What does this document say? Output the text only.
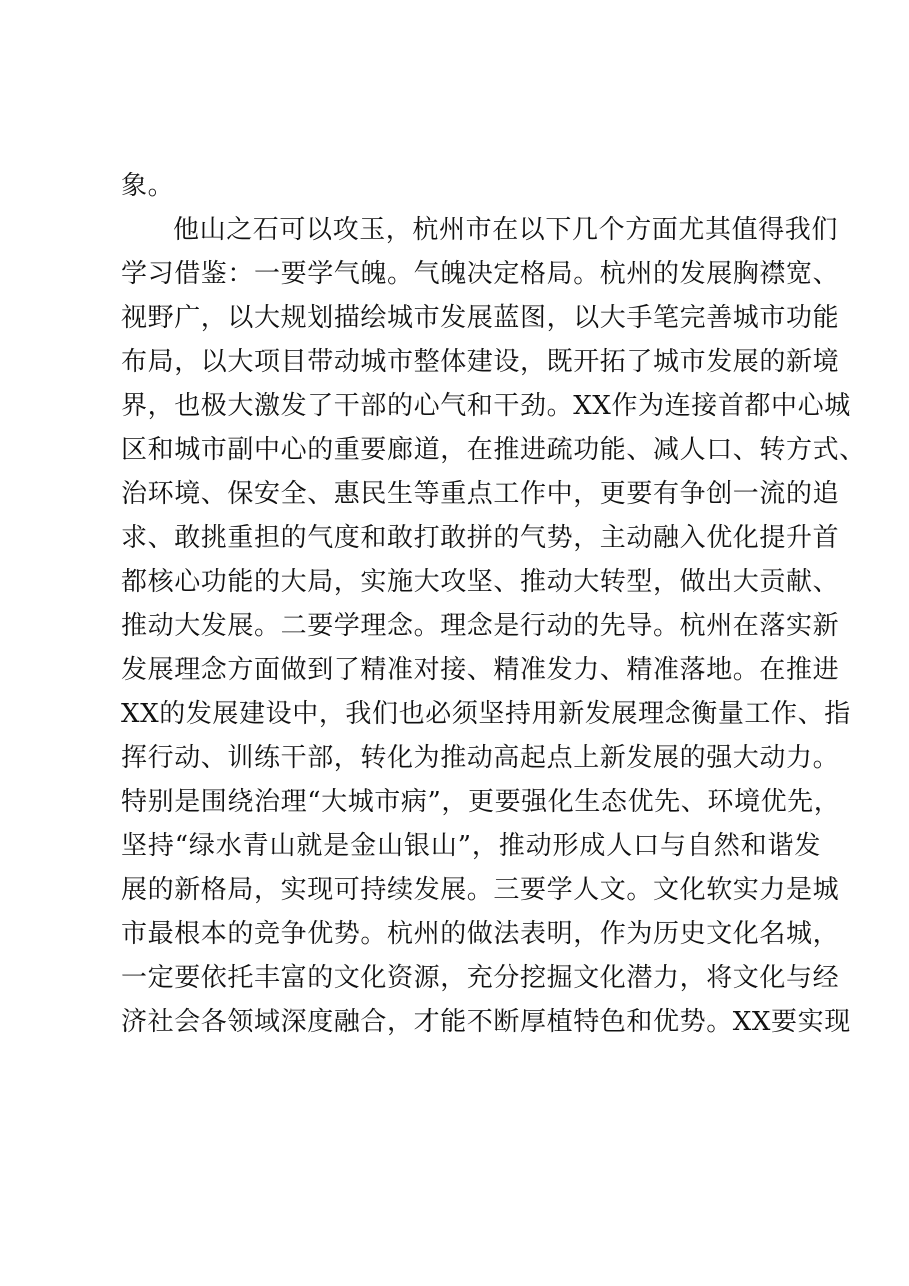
象。
他山之石可以攻玉，杭州市在以下几个方面尤其值得我们
学习借鉴：一要学气魄。气魄决定格局。杭州的发展胸襟宽、
视野广，以大规划描绘城市发展蓝图，以大手笔完善城市功能
布局，以大项目带动城市整体建设，既开拓了城市发展的新境
界，也极大激发了干部的心气和干劲。XX作为连接首都中心城
区和城市副中心的重要廊道，在推进疏功能、减人口、转方式、
治环境、保安全、惠民生等重点工作中，更要有争创一流的追
求、敢挑重担的气度和敢打敢拼的气势，主动融入优化提升首
都核心功能的大局，实施大攻坚、推动大转型，做出大贡献、
推动大发展。二要学理念。理念是行动的先导。杭州在落实新
发展理念方面做到了精准对接、精准发力、精准落地。在推进
XX的发展建设中，我们也必须坚持用新发展理念衡量工作、指
挥行动、训练干部，转化为推动高起点上新发展的强大动力。
特别是围绕治理“大城市病”，更要强化生态优先、环境优先，
坚持“绿水青山就是金山银山”，推动形成人口与自然和谐发
展的新格局，实现可持续发展。三要学人文。文化软实力是城
市最根本的竞争优势。杭州的做法表明，作为历史文化名城，
一定要依托丰富的文化资源，充分挖掘文化潜力，将文化与经
济社会各领域深度融合，才能不断厚植特色和优势。XX要实现
